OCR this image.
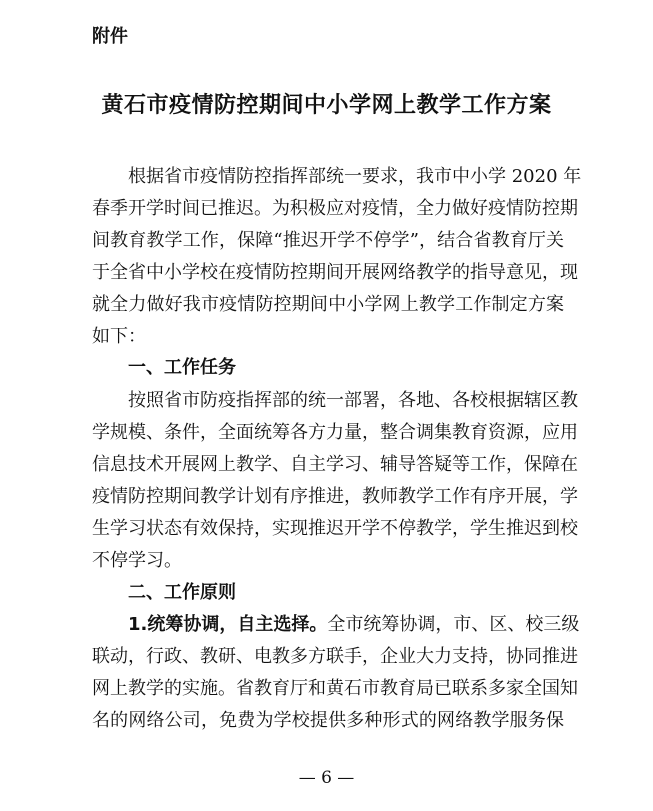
附件
黄石市疫情防控期间中小学网上教学工作方案
根据省市疫情防控指挥部统一要求，我市中小学 2020 年
春季开学时间已推迟。为积极应对疫情，全力做好疫情防控期
间教育教学工作，保障“推迟开学不停学”，结合省教育厅关
于全省中小学校在疫情防控期间开展网络教学的指导意见，现
就全力做好我市疫情防控期间中小学网上教学工作制定方案
如下：
一、工作任务
按照省市防疫指挥部的统一部署，各地、各校根据辖区教
学规模、条件，全面统筹各方力量，整合调集教育资源，应用
信息技术开展网上教学、自主学习、辅导答疑等工作，保障在
疫情防控期间教学计划有序推进，教师教学工作有序开展，学
生学习状态有效保持，实现推迟开学不停教学，学生推迟到校
不停学习。
二、工作原则
1.统筹协调，自主选择。全市统筹协调，市、区、校三级
联动，行政、教研、电教多方联手，企业大力支持，协同推进
网上教学的实施。省教育厅和黄石市教育局已联系多家全国知
名的网络公司，免费为学校提供多种形式的网络教学服务保
— 6 —
